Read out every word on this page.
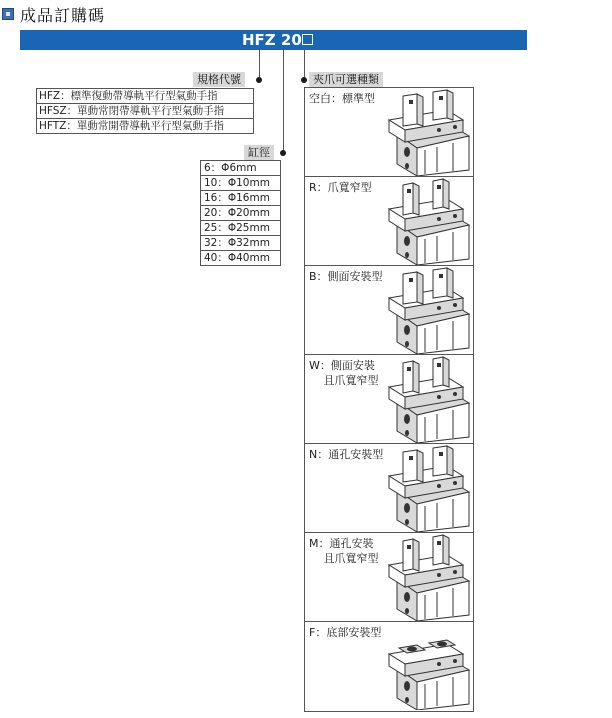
成品訂購碼
HFZ 20
規格代號
HFZ：標準復動帶導軌平行型氣動手指
HFSZ：單動常閉帶導軌平行型氣動手指
HFTZ：單動常開帶導軌平行型氣動手指
缸徑
6：Φ6mm
10：Φ10mm
16：Φ16mm
20：Φ20mm
25：Φ25mm
32：Φ32mm
40：Φ40mm
夾爪可選種類
空白：標準型
R：爪寬窄型
B：側面安裝型
W：側面安裝
　 且爪寬窄型
N：通孔安裝型
M：通孔安裝
　 且爪寬窄型
F：底部安裝型
